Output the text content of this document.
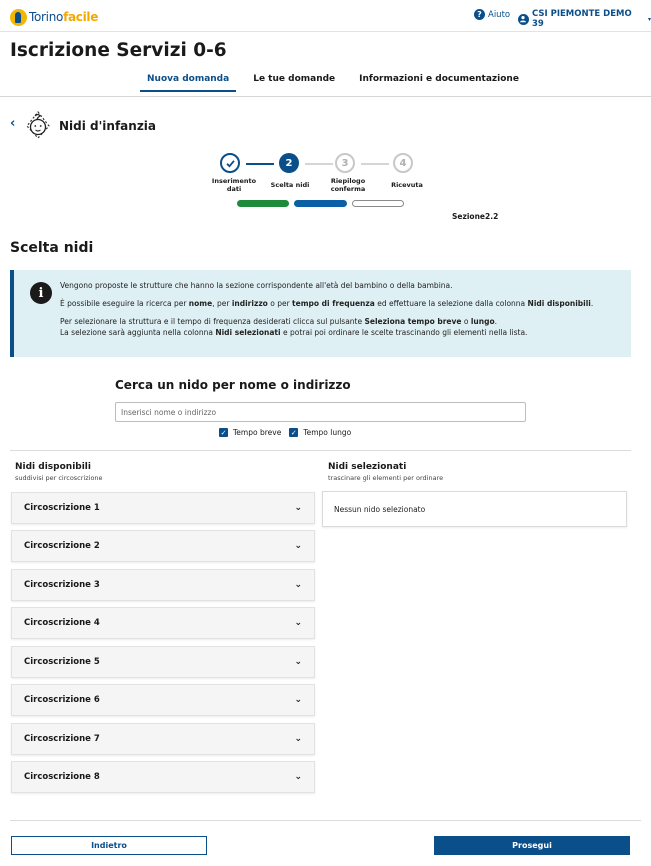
Torinofacile	? Aiuto	CSI PIEMONTE DEMO 39	▾
Iscrizione Servizi 0-6
Nuova domanda	Le tue domande	Informazioni e documentazione
‹	Nidi d'infanzia
2	3	4
Inserimento
dati	Scelta nidi	Riepilogo
conferma	Ricevuta
Sezione2.2
Scelta nidi
i	Vengono proposte le strutture che hanno la sezione corrispondente all'età del bambino o della bambina.

È possibile eseguire la ricerca per nome, per indirizzo o per tempo di frequenza ed effettuare la selezione dalla colonna Nidi disponibili.

Per selezionare la struttura e il tempo di frequenza desiderati clicca sul pulsante Seleziona tempo breve o lungo.

La selezione sarà aggiunta nella colonna Nidi selezionati e potrai poi ordinare le scelte trascinando gli elementi nella lista.

Cerca un nido per nome o indirizzo
Inserisci nome o indirizzo
✓ Tempo breve ✓ Tempo lungo
Nidi disponibili
suddivisi per circoscrizione
Circoscrizione 1	⌄
Circoscrizione 2	⌄
Circoscrizione 3	⌄
Circoscrizione 4	⌄
Circoscrizione 5	⌄
Circoscrizione 6	⌄
Circoscrizione 7	⌄
Circoscrizione 8	⌄
Nidi selezionati
trascinare gli elementi per ordinare
Nessun nido selezionato
Indietro	Prosegui
